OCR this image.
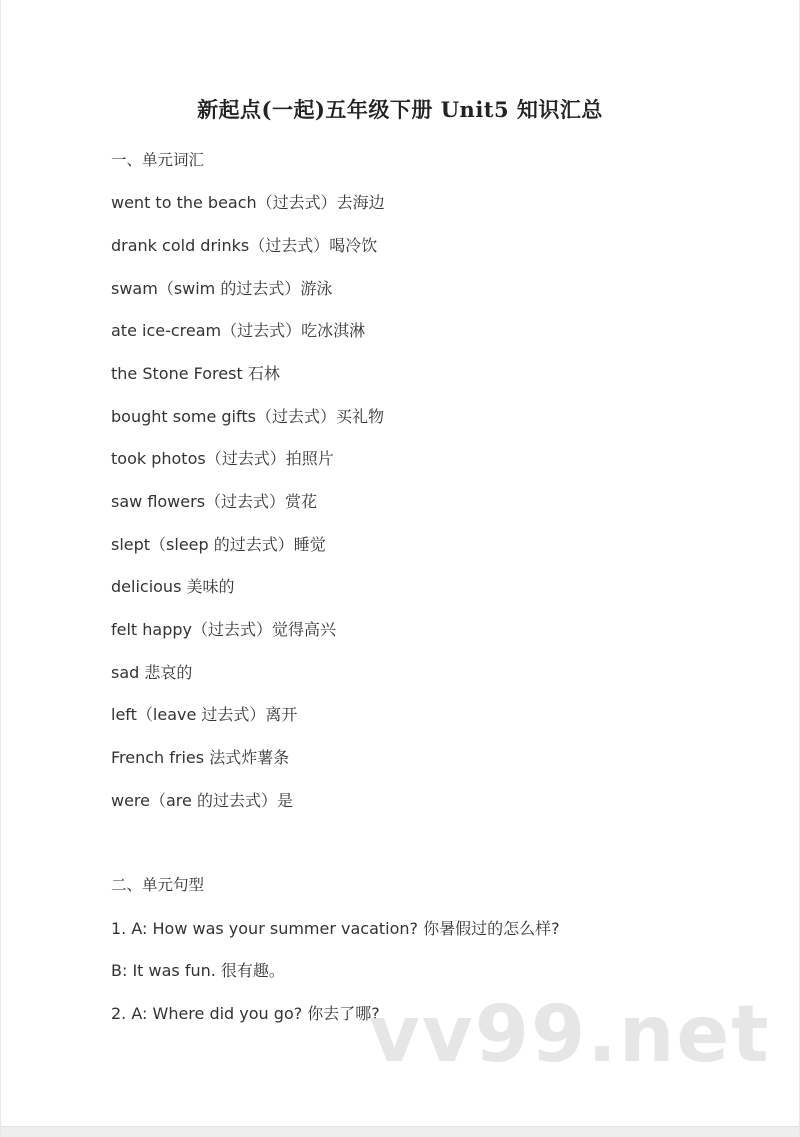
新起点(一起)五年级下册 Unit5 知识汇总
一、单元词汇
went to the beach（过去式）去海边
drank cold drinks（过去式）喝冷饮
swam（swim 的过去式）游泳
ate ice-cream（过去式）吃冰淇淋
the Stone Forest 石林
bought some gifts（过去式）买礼物
took photos（过去式）拍照片
saw flowers（过去式）赏花
slept（sleep 的过去式）睡觉
delicious 美味的
felt happy（过去式）觉得高兴
sad 悲哀的
left（leave 过去式）离开
French fries 法式炸薯条
were（are 的过去式）是
二、单元句型
1. A: How was your summer vacation? 你暑假过的怎么样?
B: It was fun. 很有趣。
2. A: Where did you go? 你去了哪?
vv99.net
